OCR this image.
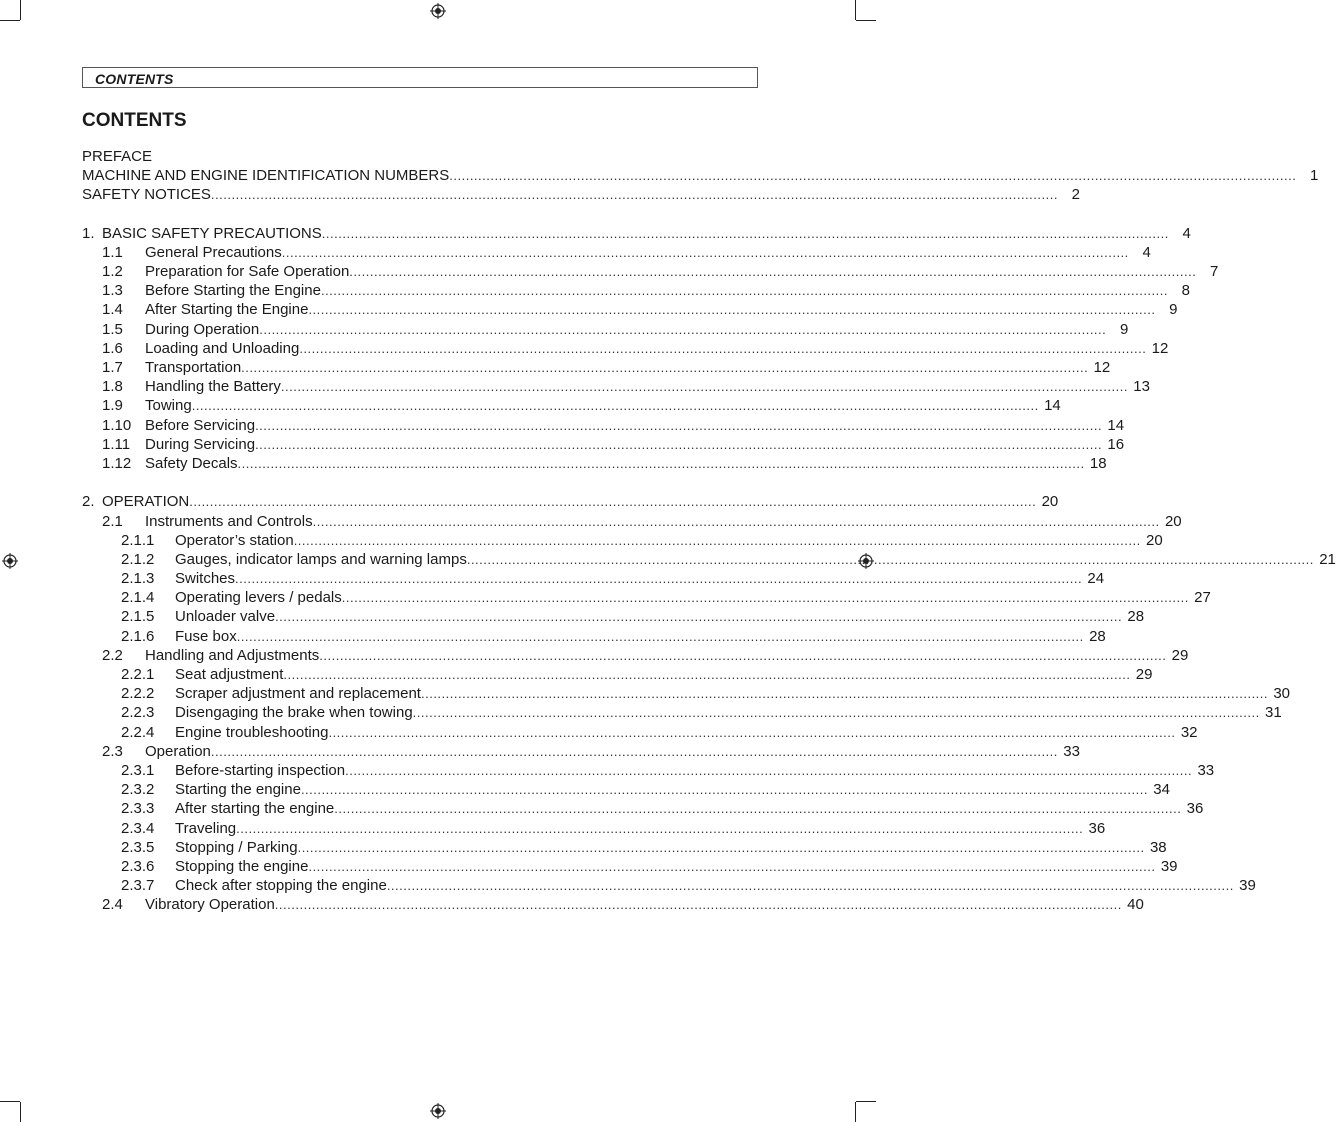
CONTENTS
CONTENTS
PREFACE
MACHINE AND ENGINE IDENTIFICATION NUMBERS .............................................................................................................................................................................................................. 1
SAFETY NOTICES .............................................................................................................................................................................................................. 2
1. BASIC SAFETY PRECAUTIONS .............................................................................................................................................................................................................. 4
1.1	General Precautions .............................................................................................................................................................................................................. 4
1.2	Preparation for Safe Operation .............................................................................................................................................................................................................. 7
1.3	Before Starting the Engine .............................................................................................................................................................................................................. 8
1.4	After Starting the Engine .............................................................................................................................................................................................................. 9
1.5	During Operation .............................................................................................................................................................................................................. 9
1.6	Loading and Unloading .............................................................................................................................................................................................................. 12
1.7	Transportation .............................................................................................................................................................................................................. 12
1.8	Handling the Battery .............................................................................................................................................................................................................. 13
1.9	Towing .............................................................................................................................................................................................................. 14
1.10 Before Servicing .............................................................................................................................................................................................................. 14
1.11 During Servicing .............................................................................................................................................................................................................. 16
1.12 Safety Decals .............................................................................................................................................................................................................. 18
2. OPERATION .............................................................................................................................................................................................................. 20
2.1	Instruments and Controls .............................................................................................................................................................................................................. 20
2.1.1	Operator’s station .............................................................................................................................................................................................................. 20
2.1.2	Gauges, indicator lamps and warning lamps .............................................................................................................................................................................................................. 21
2.1.3	Switches .............................................................................................................................................................................................................. 24
2.1.4	Operating levers / pedals .............................................................................................................................................................................................................. 27
2.1.5	Unloader valve .............................................................................................................................................................................................................. 28
2.1.6	Fuse box .............................................................................................................................................................................................................. 28
2.2	Handling and Adjustments .............................................................................................................................................................................................................. 29
2.2.1	Seat adjustment .............................................................................................................................................................................................................. 29
2.2.2	Scraper adjustment and replacement .............................................................................................................................................................................................................. 30
2.2.3	Disengaging the brake when towing .............................................................................................................................................................................................................. 31
2.2.4	Engine troubleshooting .............................................................................................................................................................................................................. 32
2.3	Operation .............................................................................................................................................................................................................. 33
2.3.1	Before-starting inspection .............................................................................................................................................................................................................. 33
2.3.2	Starting the engine .............................................................................................................................................................................................................. 34
2.3.3	After starting the engine .............................................................................................................................................................................................................. 36
2.3.4	Traveling .............................................................................................................................................................................................................. 36
2.3.5	Stopping / Parking .............................................................................................................................................................................................................. 38
2.3.6	Stopping the engine .............................................................................................................................................................................................................. 39
2.3.7	Check after stopping the engine .............................................................................................................................................................................................................. 39
2.4	Vibratory Operation .............................................................................................................................................................................................................. 40
